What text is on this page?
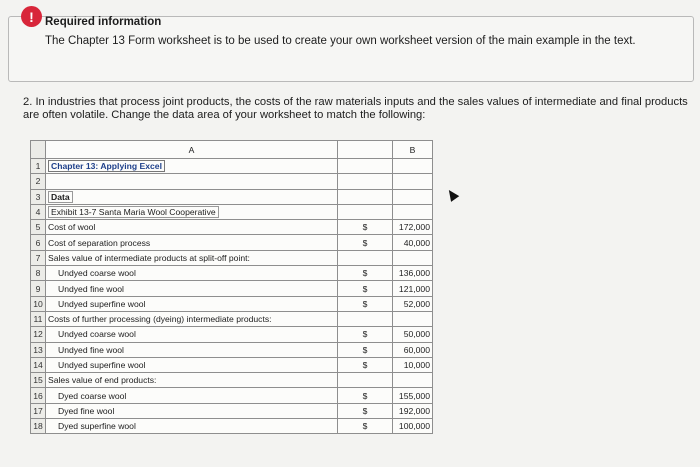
! Required information
The Chapter 13 Form worksheet is to be used to create your own worksheet version of the main example in the text.
2. In industries that process joint products, the costs of the raw materials inputs and the sales values of intermediate and final products are often volatile. Change the data area of your worksheet to match the following:
	A		B
1	Chapter 13: Applying Excel		
2			
3	Data		
4	Exhibit 13-7 Santa Maria Wool Cooperative		
5	Cost of wool	$	172,000
6	Cost of separation process	$	40,000
7	Sales value of intermediate products at split-off point:		
8	Undyed coarse wool	$	136,000
9	Undyed fine wool	$	121,000
10	Undyed superfine wool	$	52,000
11	Costs of further processing (dyeing) intermediate products:		
12	Undyed coarse wool	$	50,000
13	Undyed fine wool	$	60,000
14	Undyed superfine wool	$	10,000
15	Sales value of end products:		
16	Dyed coarse wool	$	155,000
17	Dyed fine wool	$	192,000
18	Dyed superfine wool	$	100,000
